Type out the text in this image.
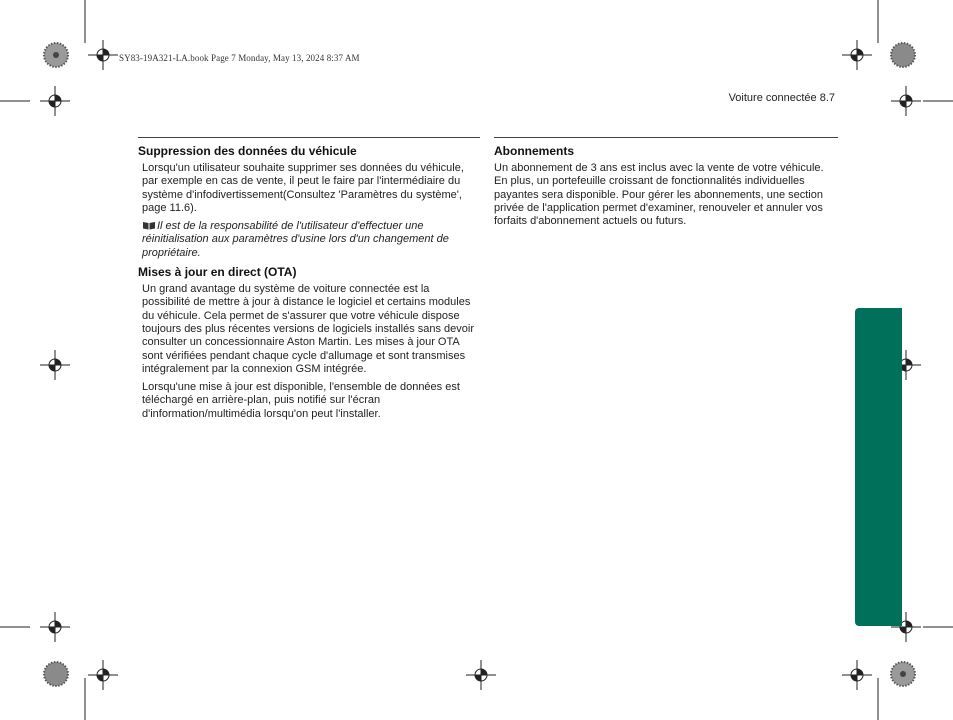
SY83-19A321-LA.book Page 7 Monday, May 13, 2024 8:37 AM
Voiture connectée 8.7
Suppression des données du véhicule

Lorsqu'un utilisateur souhaite supprimer ses données du véhicule, par exemple en cas de vente, il peut le faire par l'intermédiaire du système d'infodivertissement(Consultez 'Paramètres du système', page 11.6).

Il est de la responsabilité de l'utilisateur d'effectuer une réinitialisation aux paramètres d'usine lors d'un changement de propriétaire.

Mises à jour en direct (OTA)

Un grand avantage du système de voiture connectée est la possibilité de mettre à jour à distance le logiciel et certains modules du véhicule. Cela permet de s'assurer que votre véhicule dispose toujours des plus récentes versions de logiciels installés sans devoir consulter un concessionnaire Aston Martin. Les mises à jour OTA sont vérifiées pendant chaque cycle d'allumage et sont transmises intégralement par la connexion GSM intégrée.

Lorsqu'une mise à jour est disponible, l'ensemble de données est téléchargé en arrière-plan, puis notifié sur l'écran d'information/multimédia lorsqu'on peut l'installer.

Abonnements

Un abonnement de 3 ans est inclus avec la vente de votre véhicule. En plus, un portefeuille croissant de fonctionnalités individuelles payantes sera disponible. Pour gérer les abonnements, une section privée de l'application permet d'examiner, renouveler et annuler vos forfaits d'abonnement actuels ou futurs.
